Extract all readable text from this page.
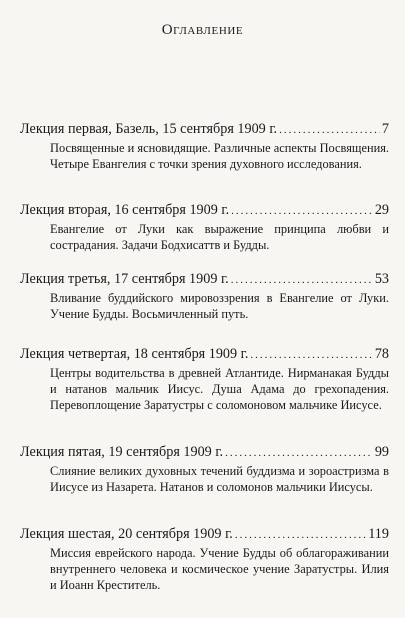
Оглавление
Лекция первая, Базель, 15 сентября 1909 г. .....	7
Посвященные и ясновидящие. Различные аспекты Посвящения. Четыре Евангелия с точки зрения духовного исследования.
Лекция вторая, 16 сентября 1909 г. .....	29
Евангелие от Луки как выражение принципа любви и сострадания. Задачи Бодхисаттв и Будды.
Лекция третья, 17 сентября 1909 г. .....	53
Вливание буддийского мировоззрения в Евангелие от Луки. Учение Будды. Восьмичленный путь.
Лекция четвертая, 18 сентября 1909 г. .....	78
Центры водительства в древней Атлантиде. Нирманакая Будды и натанов мальчик Иисус. Душа Адама до грехопадения. Перевоплощение Заратустры с соломоновом мальчике Иисусе.
Лекция пятая, 19 сентября 1909 г. .....	99
Слияние великих духовных течений буддизма и зороастризма в Иисусе из Назарета. Натанов и соломонов мальчики Иисусы.
Лекция шестая, 20 сентября 1909 г. .....	119
Миссия еврейского народа. Учение Будды об облагораживании внутреннего человека и космическое учение Заратустры. Илия и Иоанн Креститель.
